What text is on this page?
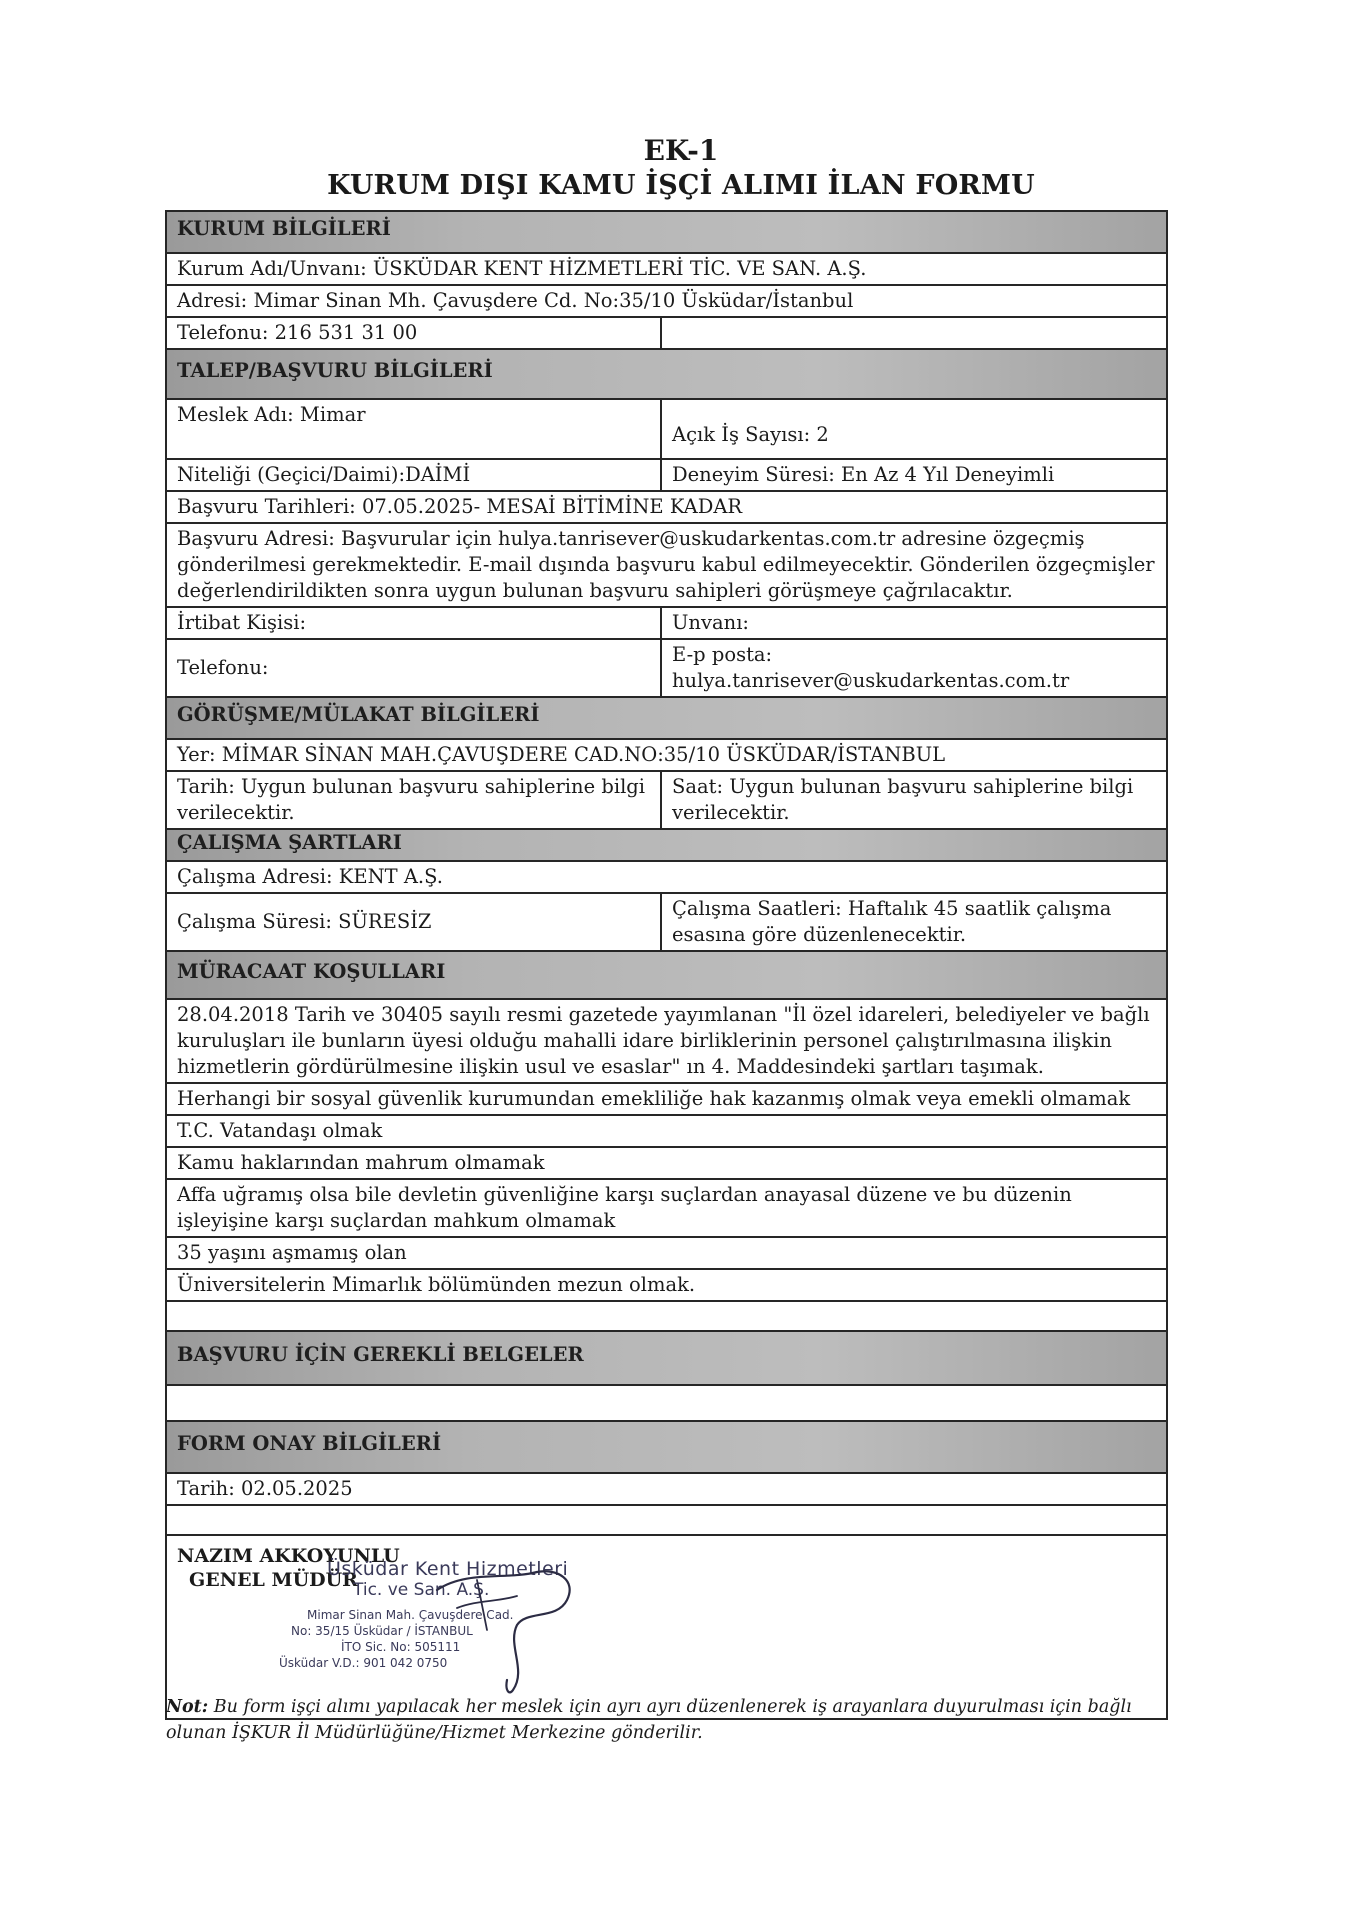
EK-1
KURUM DIŞI KAMU İŞÇİ ALIMI İLAN FORMU
KURUM BİLGİLERİ
Kurum Adı/Unvanı: ÜSKÜDAR KENT HİZMETLERİ TİC. VE SAN. A.Ş.
Adresi: Mimar Sinan Mh. Çavuşdere Cd. No:35/10 Üsküdar/İstanbul
Telefonu: 216 531 31 00
TALEP/BAŞVURU BİLGİLERİ
Meslek Adı: Mimar
Açık İş Sayısı: 2
Niteliği (Geçici/Daimi):DAİMİ	Deneyim Süresi: En Az 4 Yıl Deneyimli
Başvuru Tarihleri: 07.05.2025- MESAİ BİTİMİNE KADAR
Başvuru Adresi: Başvurular için hulya.tanrisever@uskudarkentas.com.tr adresine özgeçmiş gönderilmesi gerekmektedir. E-mail dışında başvuru kabul edilmeyecektir. Gönderilen özgeçmişler değerlendirildikten sonra uygun bulunan başvuru sahipleri görüşmeye çağrılacaktır.
İrtibat Kişisi:	Unvanı:
Telefonu:
E-p posta:
hulya.tanrisever@uskudarkentas.com.tr
GÖRÜŞME/MÜLAKAT BİLGİLERİ
Yer: MİMAR SİNAN MAH.ÇAVUŞDERE CAD.NO:35/10 ÜSKÜDAR/İSTANBUL
Tarih: Uygun bulunan başvuru sahiplerine bilgi verilecektir.
Saat: Uygun bulunan başvuru sahiplerine bilgi verilecektir.
ÇALIŞMA ŞARTLARI
Çalışma Adresi: KENT A.Ş.
Çalışma Süresi: SÜRESİZ
Çalışma Saatleri: Haftalık 45 saatlik çalışma esasına göre düzenlenecektir.
MÜRACAAT KOŞULLARI
28.04.2018 Tarih ve 30405 sayılı resmi gazetede yayımlanan "İl özel idareleri, belediyeler ve bağlı kuruluşları ile bunların üyesi olduğu mahalli idare birliklerinin personel çalıştırılmasına ilişkin hizmetlerin gördürülmesine ilişkin usul ve esaslar" ın 4. Maddesindeki şartları taşımak.
Herhangi bir sosyal güvenlik kurumundan emekliliğe hak kazanmış olmak veya emekli olmamak
T.C. Vatandaşı olmak
Kamu haklarından mahrum olmamak
Affa uğramış olsa bile devletin güvenliğine karşı suçlardan anayasal düzene ve bu düzenin işleyişine karşı suçlardan mahkum olmamak
35 yaşını aşmamış olan
Üniversitelerin Mimarlık bölümünden mezun olmak.
BAŞVURU İÇİN GEREKLİ BELGELER
FORM ONAY BİLGİLERİ
Tarih: 02.05.2025
NAZIM AKKOYUNLU
GENEL MÜDÜR
Üsküdar Kent Hizmetleri
Tic. ve San. A.Ş.
Mimar Sinan Mah. Çavuşdere Cad.
No: 35/15 Üsküdar / İSTANBUL
İTO Sic. No: 505111
Üsküdar V.D.: 901 042 0750
Not: Bu form işçi alımı yapılacak her meslek için ayrı ayrı düzenlenerek iş arayanlara duyurulması için bağlı olunan İŞKUR İl Müdürlüğüne/Hizmet Merkezine gönderilir.
